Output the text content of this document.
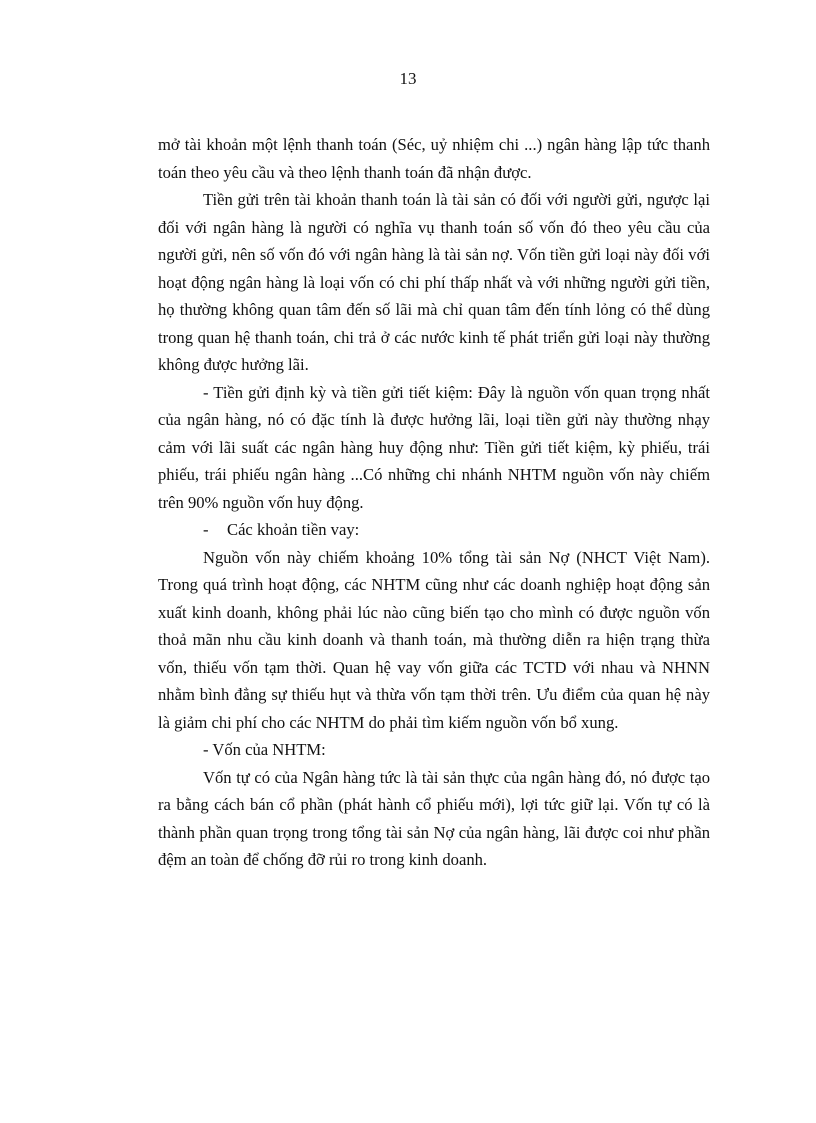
13

mở tài khoản một lệnh thanh toán (Séc, uỷ nhiệm chi ...) ngân hàng lập tức thanh toán theo yêu cầu và theo lệnh thanh toán đã nhận được.

Tiền gửi trên tài khoản thanh toán là tài sản có đối với người gửi, ngược lại đối với ngân hàng là người có nghĩa vụ thanh toán số vốn đó theo yêu cầu của người gửi, nên số vốn đó với ngân hàng là tài sản nợ. Vốn tiền gửi loại này đối với hoạt động ngân hàng là loại vốn có chi phí thấp nhất và với những người gửi tiền, họ thường không quan tâm đến số lãi mà chỉ quan tâm đến tính lỏng có thể dùng trong quan hệ thanh toán, chi trả ở các nước kinh tế phát triển gửi loại này thường không được hưởng lãi.

- Tiền gửi định kỳ và tiền gửi tiết kiệm: Đây là nguồn vốn quan trọng nhất của ngân hàng, nó có đặc tính là được hưởng lãi, loại tiền gửi này thường nhạy cảm với lãi suất các ngân hàng huy động như: Tiền gửi tiết kiệm, kỳ phiếu, trái phiếu, trái phiếu ngân hàng ...Có những chi nhánh NHTM nguồn vốn này chiếm trên 90% nguồn vốn huy động.

- Các khoản tiền vay:

Nguồn vốn này chiếm khoảng 10% tổng tài sản Nợ (NHCT Việt Nam). Trong quá trình hoạt động, các NHTM cũng như các doanh nghiệp hoạt động sản xuất kinh doanh, không phải lúc nào cũng biến tạo cho mình có được nguồn vốn thoả mãn nhu cầu kinh doanh và thanh toán, mà thường diễn ra hiện trạng thừa vốn, thiếu vốn tạm thời. Quan hệ vay vốn giữa các TCTD với nhau và NHNN nhằm bình đẳng sự thiếu hụt và thừa vốn tạm thời trên. Ưu điểm của quan hệ này là giảm chi phí cho các NHTM do phải tìm kiếm nguồn vốn bổ xung.

- Vốn của NHTM:

Vốn tự có của Ngân hàng tức là tài sản thực của ngân hàng đó, nó được tạo ra bằng cách bán cổ phần (phát hành cổ phiếu mới), lợi tức giữ lại. Vốn tự có là thành phần quan trọng trong tổng tài sản Nợ của ngân hàng, lãi được coi như phần đệm an toàn để chống đỡ rủi ro trong kinh doanh.
